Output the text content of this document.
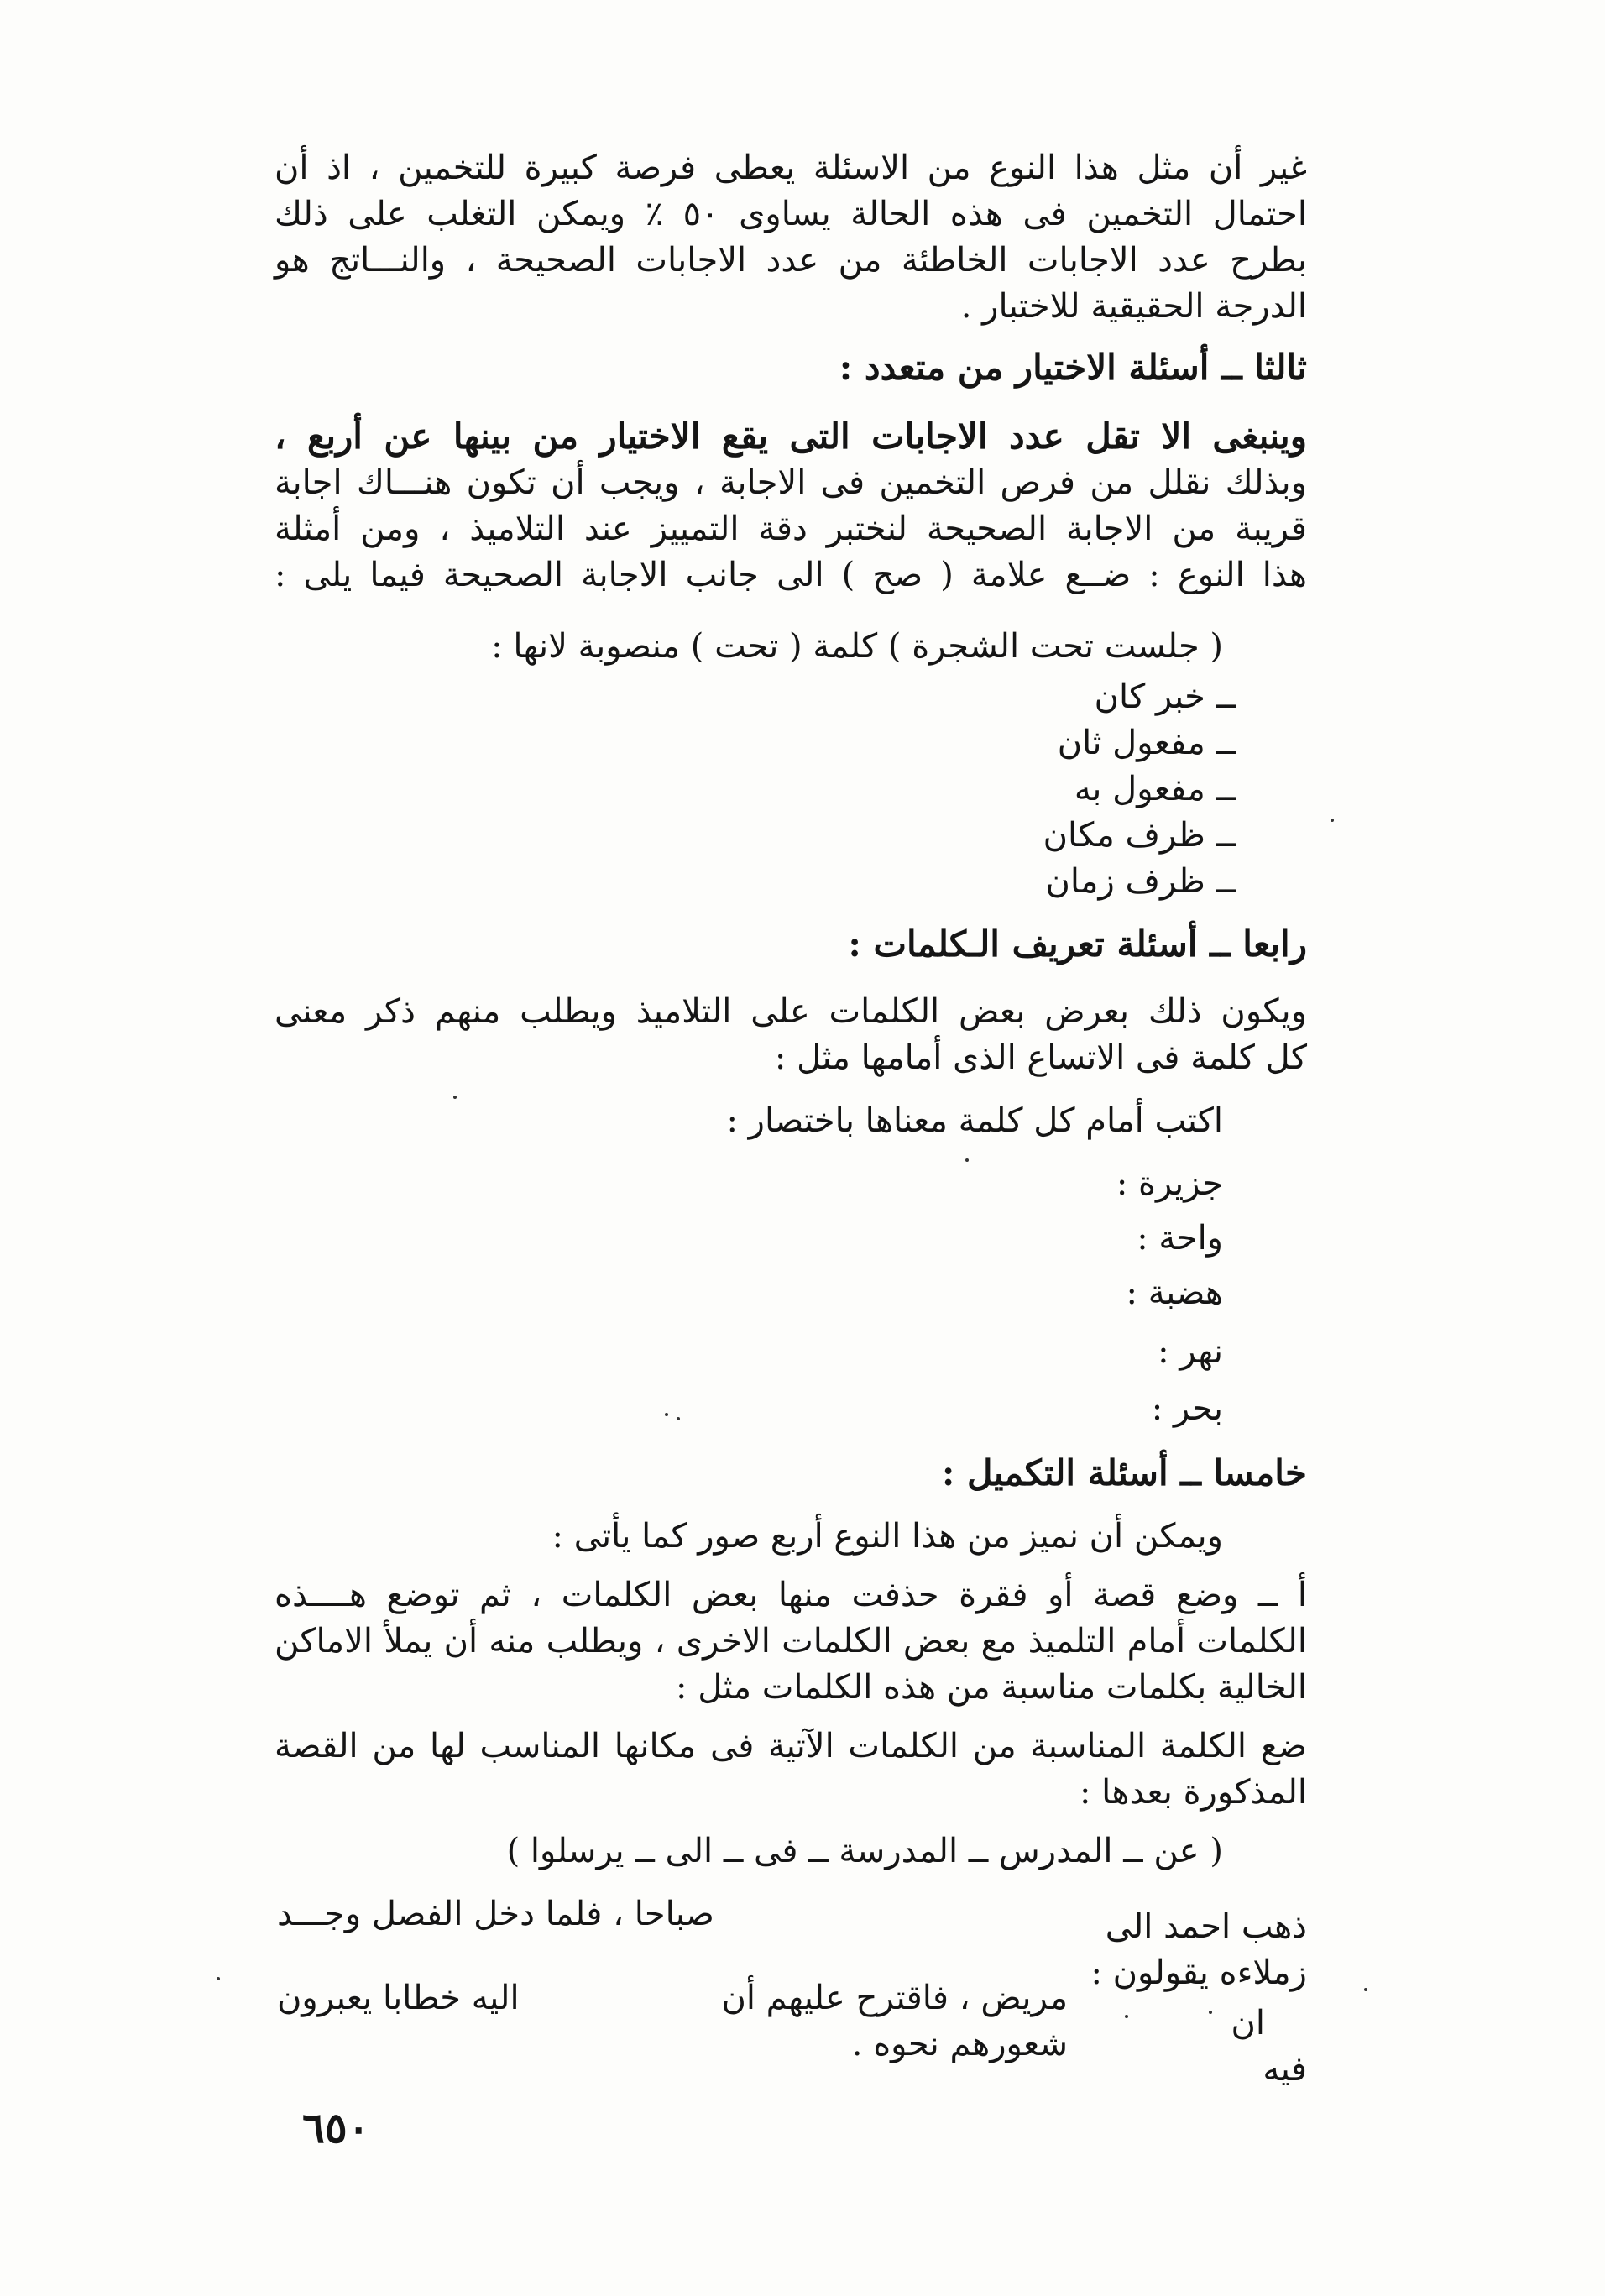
غير أن مثل هذا النوع من الاسئلة يعطى فرصة كبيرة للتخمين ، اذ أن
احتمال التخمين فى هذه الحالة يساوى ٥٠ ٪ ويمكن التغلب على ذلك
بطرح عدد الاجابات الخاطئة من عدد الاجابات الصحيحة ، والنـــاتج هو
الدرجة الحقيقية للاختبار .
ثالثا ــ أسئلة الاختيار من متعدد :
وينبغى الا تقل عدد الاجابات التى يقع الاختيار من بينها عن أربع ،
وبذلك نقلل من فرص التخمين فى الاجابة ، ويجب أن تكون هنـــاك اجابة
قريبة من الاجابة الصحيحة لنختبر دقة التمييز عند التلاميذ ، ومن أمثلة
هذا النوع : ضــع علامة ( صح ) الى جانب الاجابة الصحيحة فيما يلى :
( جلست تحت الشجرة ) كلمة ( تحت ) منصوبة لانها :
ــ خبر كان
ــ مفعول ثان
ــ مفعول به
ــ ظرف مكان
ــ ظرف زمان
رابعا ــ أسئلة تعريف الـكلمات :
ويكون ذلك بعرض بعض الكلمات على التلاميذ ويطلب منهم ذكر معنى
كل كلمة فى الاتساع الذى أمامها مثل :
اكتب أمام كل كلمة معناها باختصار :
جزيرة :
واحة :
هضبة :
نهر :
بحر :
خامسا ــ أسئلة التكميل :
ويمكن أن نميز من هذا النوع أربع صور كما يأتى :
أ ــ وضع قصة أو فقرة حذفت منها بعض الكلمات ، ثم توضع هــــذه
الكلمات أمام التلميذ مع بعض الكلمات الاخرى ، ويطلب منه أن يملأ الاماكن
الخالية بكلمات مناسبة من هذه الكلمات مثل :
ضع الكلمة المناسبة من الكلمات الآتية فى مكانها المناسب لها من القصة
المذكورة بعدها :
( عن ــ المدرس ــ المدرسة ــ فى ــ الى ــ يرسلوا )
ذهب احمد الى
صباحا ، فلما دخل الفصل وجـــد
زملاءه يقولون :
ان
مريض ، فاقترح عليهم أن
اليه خطابا يعبرون
فيه
شعورهم نحوه .
٦٥٠
